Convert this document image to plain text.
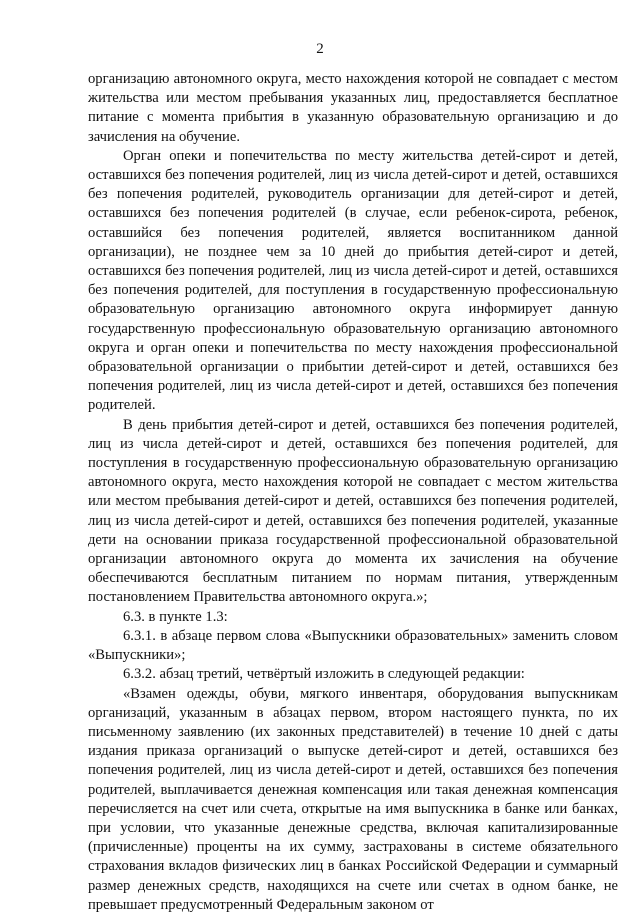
2

организацию автономного округа, место нахождения которой не совпадает с местом жительства или местом пребывания указанных лиц, предоставляется бесплатное питание с момента прибытия в указанную образовательную организацию и до зачисления на обучение.

Орган опеки и попечительства по месту жительства детей-сирот и детей, оставшихся без попечения родителей, лиц из числа детей-сирот и детей, оставшихся без попечения родителей, руководитель организации для детей-сирот и детей, оставшихся без попечения родителей (в случае, если ребенок-сирота, ребенок, оставшийся без попечения родителей, является воспитанником данной организации), не позднее чем за 10 дней до прибытия детей-сирот и детей, оставшихся без попечения родителей, лиц из числа детей-сирот и детей, оставшихся без попечения родителей, для поступления в государственную профессиональную образовательную организацию автономного округа информирует данную государственную профессиональную образовательную организацию автономного округа и орган опеки и попечительства по месту нахождения профессиональной образовательной организации о прибытии детей-сирот и детей, оставшихся без попечения родителей, лиц из числа детей-сирот и детей, оставшихся без попечения родителей.

В день прибытия детей-сирот и детей, оставшихся без попечения родителей, лиц из числа детей-сирот и детей, оставшихся без попечения родителей, для поступления в государственную профессиональную образовательную организацию автономного округа, место нахождения которой не совпадает с местом жительства или местом пребывания детей-сирот и детей, оставшихся без попечения родителей, лиц из числа детей-сирот и детей, оставшихся без попечения родителей, указанные дети на основании приказа государственной профессиональной образовательной организации автономного округа до момента их зачисления на обучение обеспечиваются бесплатным питанием по нормам питания, утвержденным постановлением Правительства автономного округа.»;

6.3. в пункте 1.3:

6.3.1. в абзаце первом слова «Выпускники образовательных» заменить словом «Выпускники»;

6.3.2. абзац третий, четвёртый изложить в следующей редакции:

«Взамен одежды, обуви, мягкого инвентаря, оборудования выпускникам организаций, указанным в абзацах первом, втором настоящего пункта, по их письменному заявлению (их законных представителей) в течение 10 дней с даты издания приказа организаций о выпуске детей-сирот и детей, оставшихся без попечения родителей, лиц из числа детей-сирот и детей, оставшихся без попечения родителей, выплачивается денежная компенсация или такая денежная компенсация перечисляется на счет или счета, открытые на имя выпускника в банке или банках, при условии, что указанные денежные средства, включая капитализированные (причисленные) проценты на их сумму, застрахованы в системе обязательного страхования вкладов физических лиц в банках Российской Федерации и суммарный размер денежных средств, находящихся на счете или счетах в одном банке, не превышает предусмотренный Федеральным законом от
